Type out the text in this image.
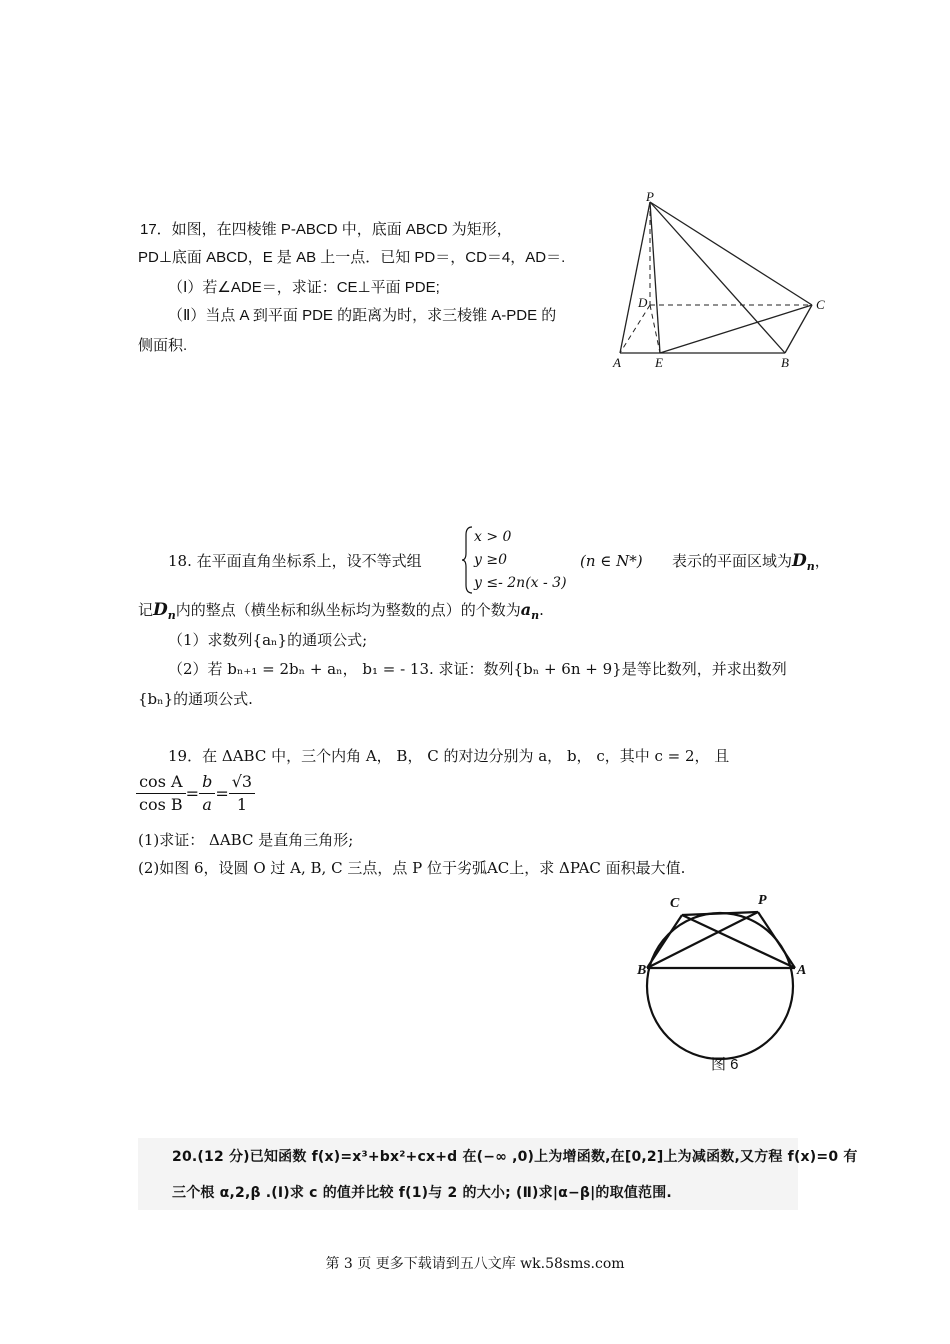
17．如图，在四棱锥 P-ABCD 中，底面 ABCD 为矩形，
PD⊥底面 ABCD，E 是 AB 上一点．已知 PD＝，CD＝4，AD＝.
（Ⅰ）若∠ADE＝，求证：CE⊥平面 PDE;
（Ⅱ）当点 A 到平面 PDE 的距离为时，求三棱锥 A-PDE 的
侧面积.
P
D	C
A	E	B
18. 在平面直角坐标系上，设不等式组
x > 0
y ≥0
y ≤- 2n(x - 3)
(n ∈ N*) 表示的平面区域为$D_n$，
记$D_n$内的整点（横坐标和纵坐标均为整数的点）的个数为$a_n$.
（1）求数列{aₙ}的通项公式;
（2）若 bₙ₊₁ = 2bₙ + aₙ， b₁ = - 13. 求证：数列{bₙ + 6n + 9}是等比数列，并求出数列
{bₙ}的通项公式.
19．在 ΔABC 中，三个内角 A， B， C 的对边分别为 a， b， c，其中 c = 2， 且
$\frac{\text{cos A}}{\text{cos B}} = \frac{b}{a} = \frac{√3}{1}$
(1)求证： ΔABC 是直角三角形;
(2)如图 6，设圆 O 过 A, B, C 三点，点 P 位于劣弧AC上，求 ΔPAC 面积最大值.
C	P
B	A
图 6
20.(12 分)已知函数 f(x)=x³+bx²+cx+d 在(−∞ ,0)上为增函数,在[0,2]上为减函数,又方程 f(x)=0 有
三个根 α,2,β .(Ⅰ)求 c 的值并比较 f(1)与 2 的大小; (Ⅱ)求|α−β|的取值范围.
第 3 页 更多下载请到五八文库 wk.58sms.com
